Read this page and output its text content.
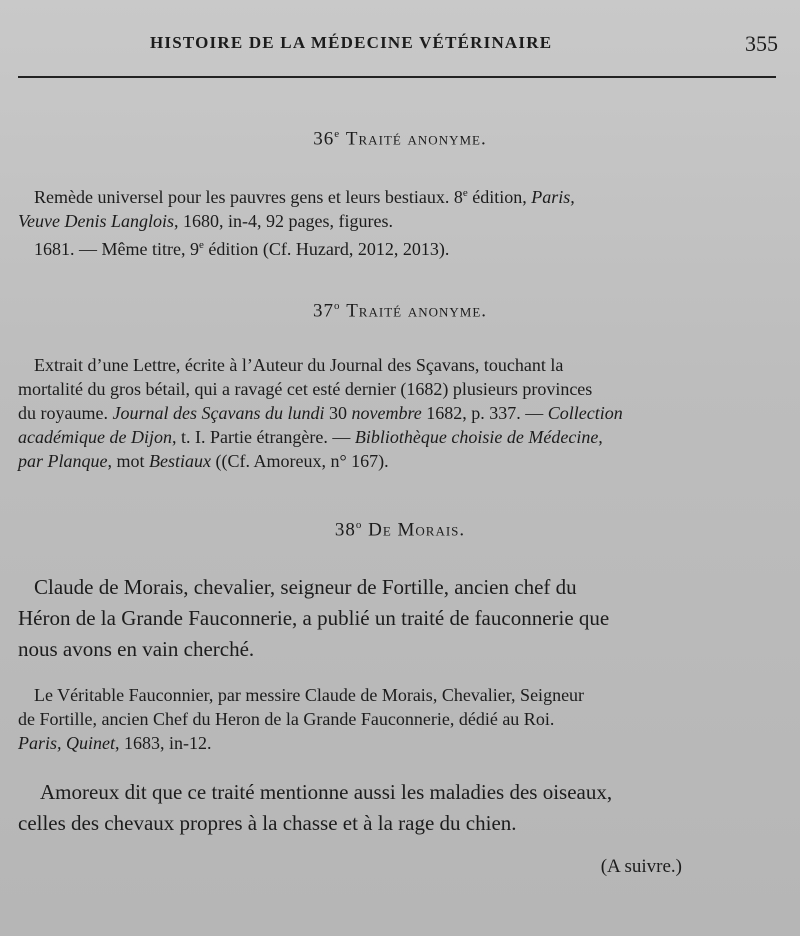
HISTOIRE DE LA MÉDECINE VÉTÉRINAIRE	355
36e Traité anonyme.
Remède universel pour les pauvres gens et leurs bestiaux. 8e édition, Paris,
Veuve Denis Langlois, 1680, in-4, 92 pages, figures.
1681. — Même titre, 9e édition (Cf. Huzard, 2012, 2013).
37$^o$ Traité anonyme.
Extrait d’une Lettre, écrite à l’Auteur du Journal des Sçavans, touchant la
mortalité du gros bétail, qui a ravagé cet esté dernier (1682) plusieurs provinces
du royaume. Journal des Sçavans du lundi 30 novembre 1682, p. 337. — Collection
académique de Dijon, t. I. Partie étrangère. — Bibliothèque choisie de Médecine,
par Planque, mot Bestiaux ((Cf. Amoreux, n° 167).
38$^o$ De Morais.
Claude de Morais, chevalier, seigneur de Fortille, ancien chef du
Héron de la Grande Fauconnerie, a publié un traité de fauconnerie que
nous avons en vain cherché.
Le Véritable Fauconnier, par messire Claude de Morais, Chevalier, Seigneur
de Fortille, ancien Chef du Heron de la Grande Fauconnerie, dédié au Roi.
Paris, Quinet, 1683, in-12.
Amoreux dit que ce traité mentionne aussi les maladies des oiseaux,
celles des chevaux propres à la chasse et à la rage du chien.
(A suivre.)
